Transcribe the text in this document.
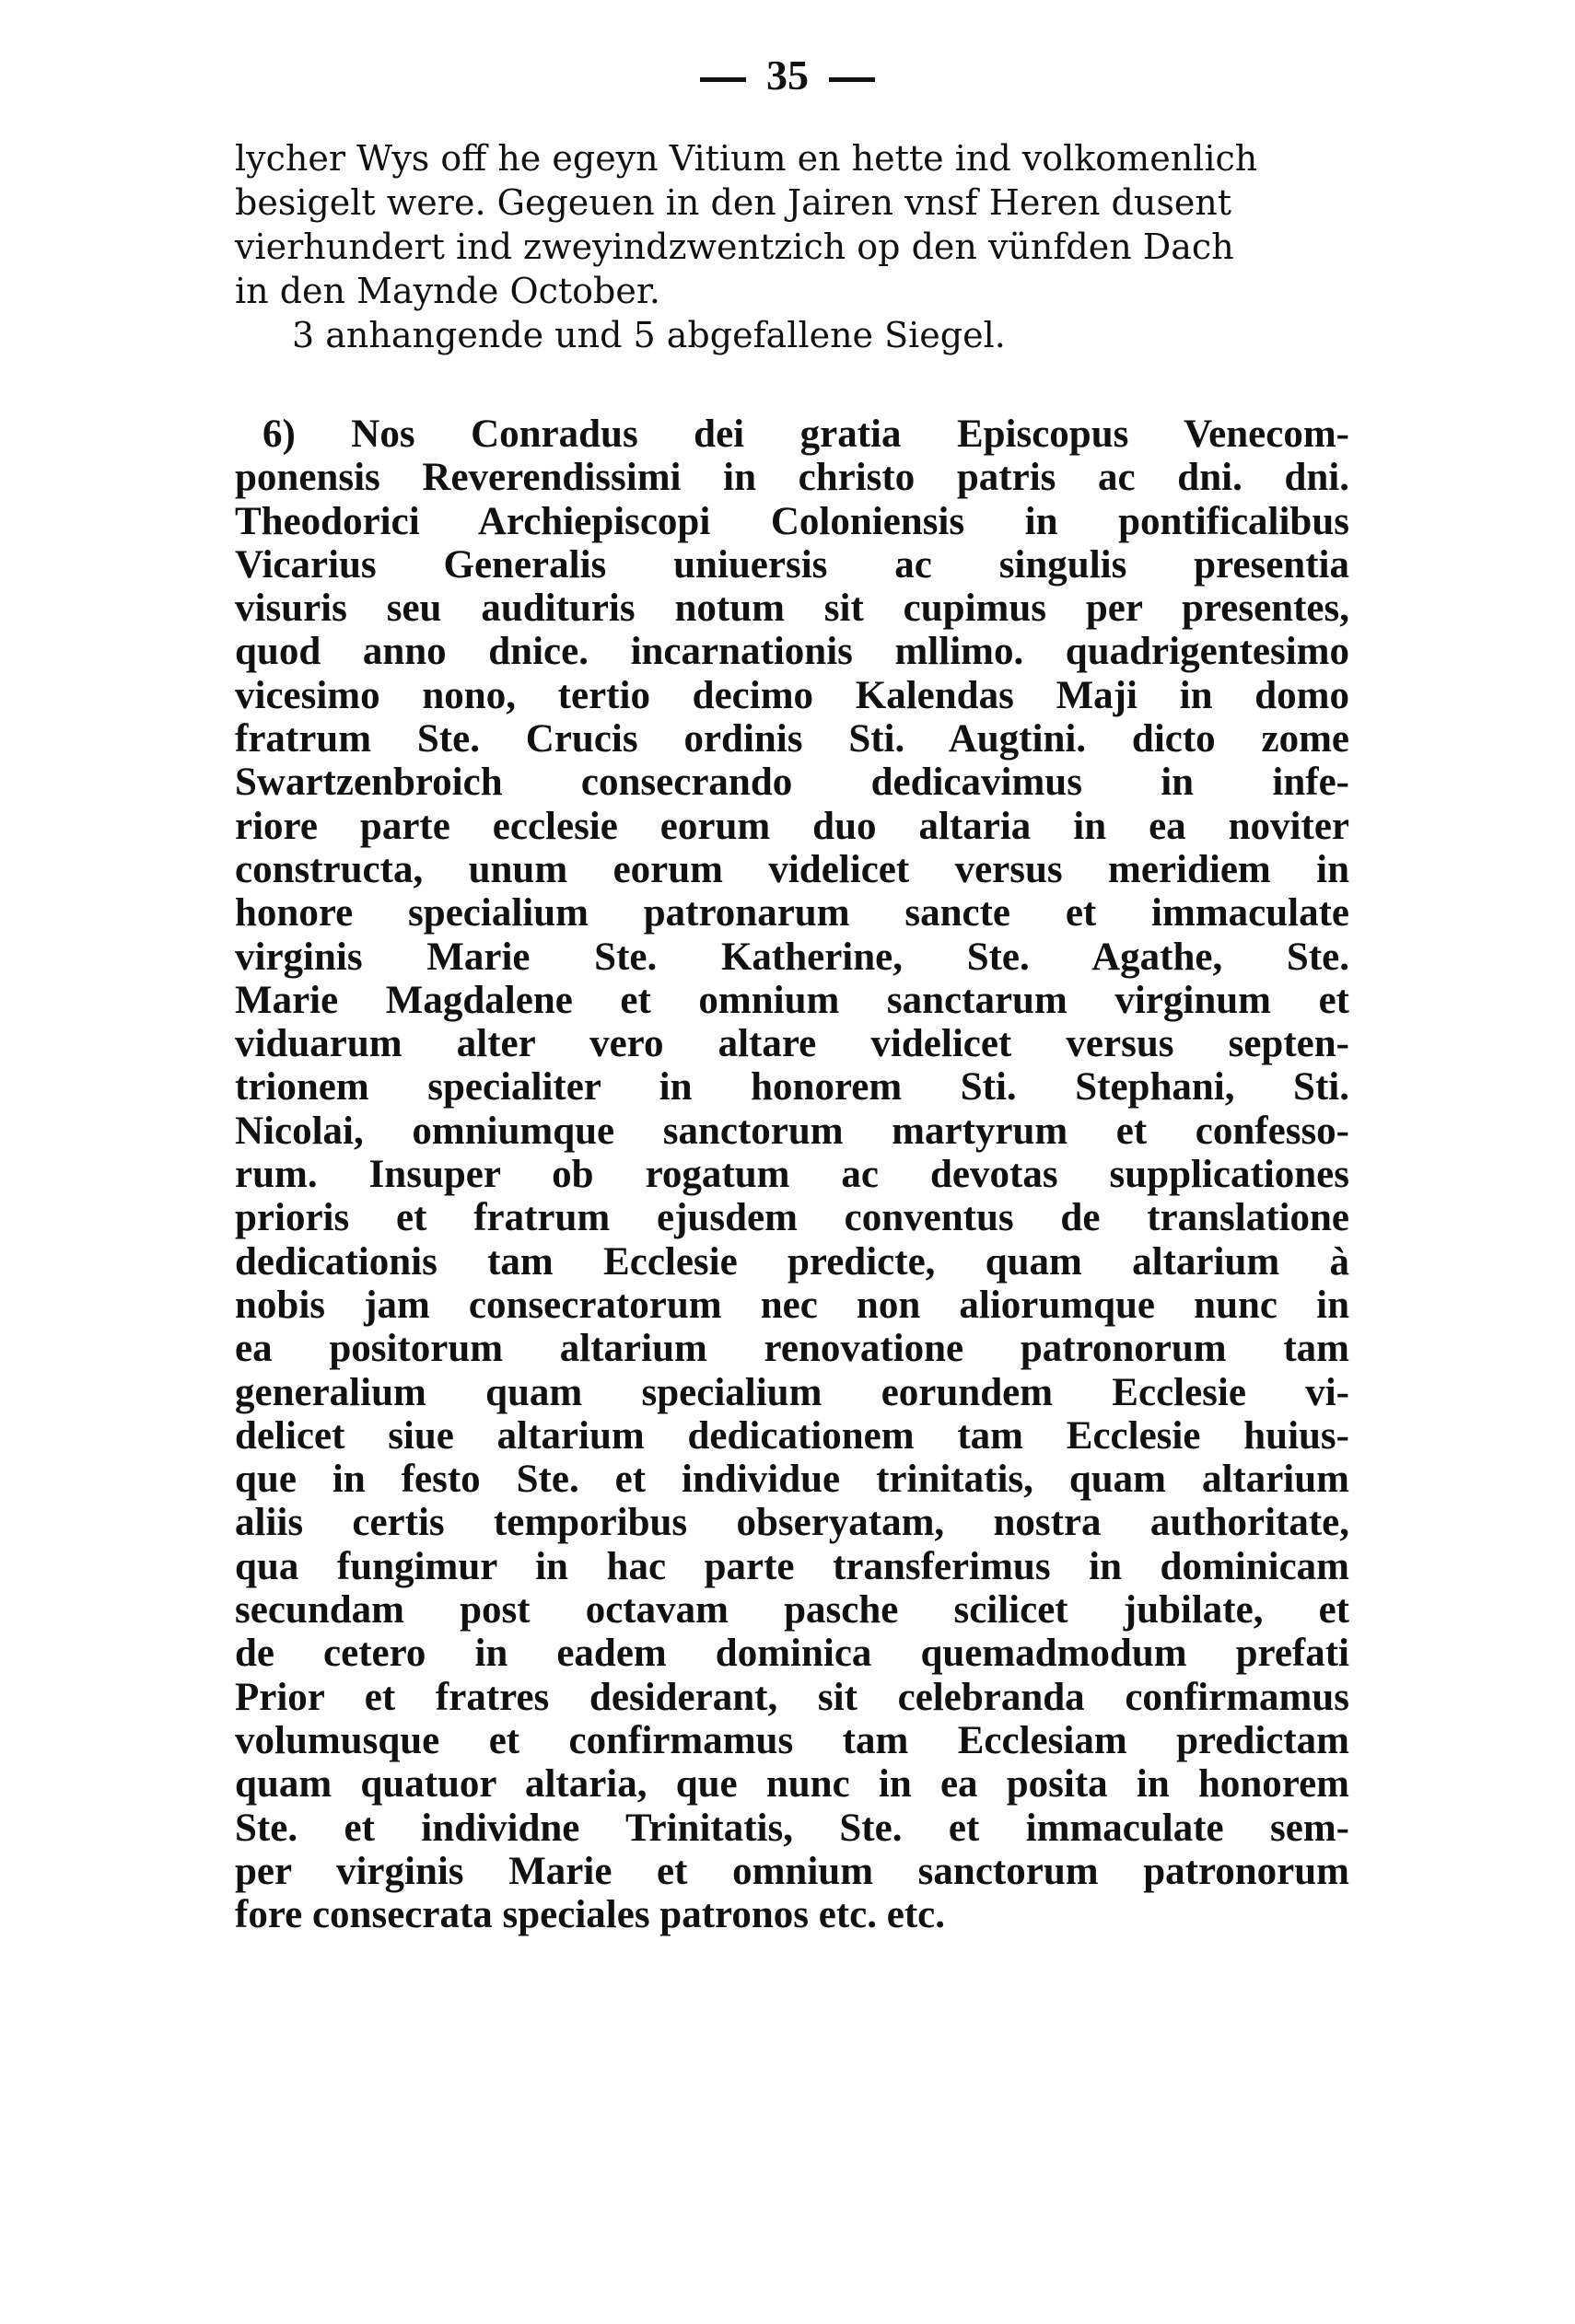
35
lycher Wys off he egeyn Vitium en hette ind volkomenlich
besigelt were. Gegeuen in den Jairen vnsf Heren dusent
vierhundert ind zweyindzwentzich op den vünfden Dach
in den Maynde October.
3 anhangende und 5 abgefallene Siegel.
6) Nos Conradus dei gratia Episcopus Venecom-
ponensis Reverendissimi in christo patris ac dni. dni.
Theodorici Archiepiscopi Coloniensis in pontificalibus
Vicarius Generalis uniuersis ac singulis presentia
visuris seu audituris notum sit cupimus per presentes,
quod anno dnice. incarnationis mllimo. quadrigentesimo
vicesimo nono, tertio decimo Kalendas Maji in domo
fratrum Ste. Crucis ordinis Sti. Augtini. dicto zome
Swartzenbroich consecrando dedicavimus in infe-
riore parte ecclesie eorum duo altaria in ea noviter
constructa, unum eorum videlicet versus meridiem in
honore specialium patronarum sancte et immaculate
virginis Marie Ste. Katherine, Ste. Agathe, Ste.
Marie Magdalene et omnium sanctarum virginum et
viduarum alter vero altare videlicet versus septen-
trionem specialiter in honorem Sti. Stephani, Sti.
Nicolai, omniumque sanctorum martyrum et confesso-
rum. Insuper ob rogatum ac devotas supplicationes
prioris et fratrum ejusdem conventus de translatione
dedicationis tam Ecclesie predicte, quam altarium à
nobis jam consecratorum nec non aliorumque nunc in
ea positorum altarium renovatione patronorum tam
generalium quam specialium eorundem Ecclesie vi-
delicet siue altarium dedicationem tam Ecclesie huius-
que in festo Ste. et individue trinitatis, quam altarium
aliis certis temporibus obseryatam, nostra authoritate,
qua fungimur in hac parte transferimus in dominicam
secundam post octavam pasche scilicet jubilate, et
de cetero in eadem dominica quemadmodum prefati
Prior et fratres desiderant, sit celebranda confirmamus
volumusque et confirmamus tam Ecclesiam predictam
quam quatuor altaria, que nunc in ea posita in honorem
Ste. et individne Trinitatis, Ste. et immaculate sem-
per virginis Marie et omnium sanctorum patronorum
fore consecrata speciales patronos etc. etc.
